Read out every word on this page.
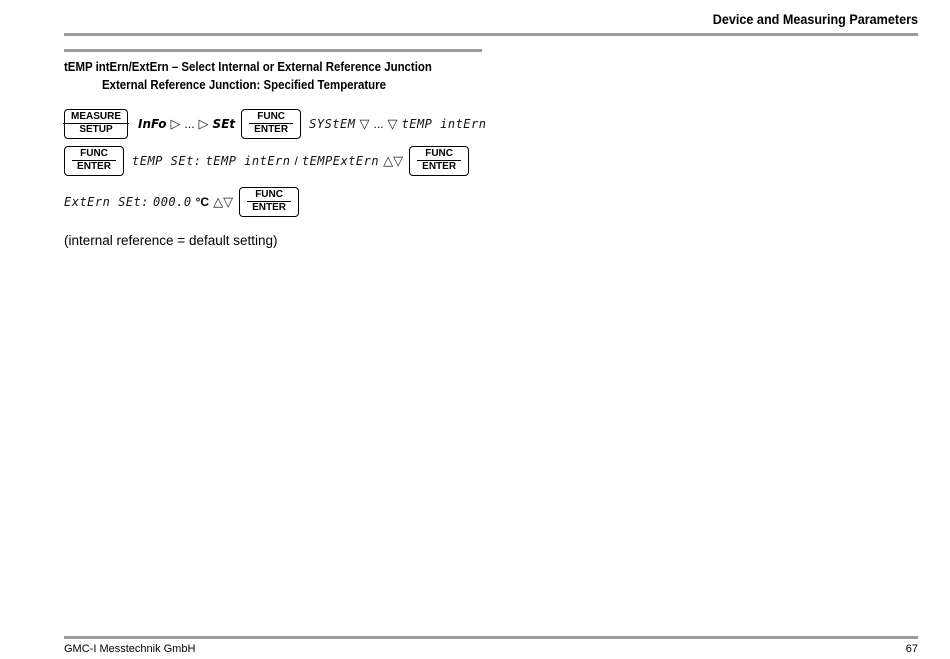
Device and Measuring Parameters
tEMP intErn/ExtErn – Select Internal or External Reference Junction
External Reference Junction: Specified Temperature
MEASURE
SETUP	InFo ▷ ... ▷ SEt
FUNC
ENTER	SYStEM ▽ ... ▽ tEMP intErn
FUNC
ENTER	tEMP SEt: tEMP intErn / tEMPExtErn △▽	FUNC
ENTER
ExtErn SEt: 000.0 °C △▽	FUNC
ENTER
(internal reference = default setting)
GMC-I Messtechnik GmbH	67
